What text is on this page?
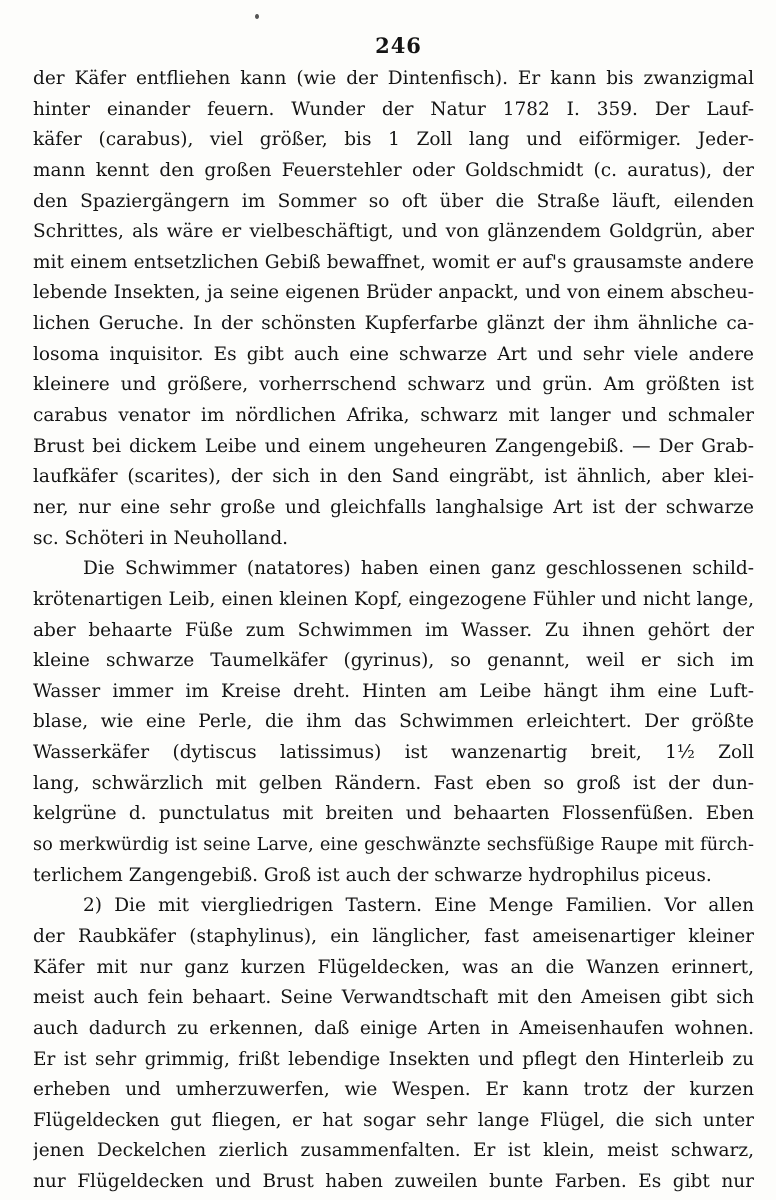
246
der Käfer entfliehen kann (wie der Dintenfisch). Er kann bis zwanzigmal
hinter einander feuern. Wunder der Natur 1782 I. 359. Der Lauf-
käfer (carabus), viel größer, bis 1 Zoll lang und eiförmiger. Jeder-
mann kennt den großen Feuerstehler oder Goldschmidt (c. auratus), der
den Spaziergängern im Sommer so oft über die Straße läuft, eilenden
Schrittes, als wäre er vielbeschäftigt, und von glänzendem Goldgrün, aber
mit einem entsetzlichen Gebiß bewaffnet, womit er auf's grausamste andere
lebende Insekten, ja seine eigenen Brüder anpackt, und von einem abscheu-
lichen Geruche. In der schönsten Kupferfarbe glänzt der ihm ähnliche ca-
losoma inquisitor. Es gibt auch eine schwarze Art und sehr viele andere
kleinere und größere, vorherrschend schwarz und grün. Am größten ist
carabus venator im nördlichen Afrika, schwarz mit langer und schmaler
Brust bei dickem Leibe und einem ungeheuren Zangengebiß. — Der Grab-
laufkäfer (scarites), der sich in den Sand eingräbt, ist ähnlich, aber klei-
ner, nur eine sehr große und gleichfalls langhalsige Art ist der schwarze
sc. Schöteri in Neuholland.
Die Schwimmer (natatores) haben einen ganz geschlossenen schild-
krötenartigen Leib, einen kleinen Kopf, eingezogene Fühler und nicht lange,
aber behaarte Füße zum Schwimmen im Wasser. Zu ihnen gehört der
kleine schwarze Taumelkäfer (gyrinus), so genannt, weil er sich im
Wasser immer im Kreise dreht. Hinten am Leibe hängt ihm eine Luft-
blase, wie eine Perle, die ihm das Schwimmen erleichtert. Der größte
Wasserkäfer (dytiscus latissimus) ist wanzenartig breit, 1½ Zoll
lang, schwärzlich mit gelben Rändern. Fast eben so groß ist der dun-
kelgrüne d. punctulatus mit breiten und behaarten Flossenfüßen. Eben
so merkwürdig ist seine Larve, eine geschwänzte sechsfüßige Raupe mit fürch-
terlichem Zangengebiß. Groß ist auch der schwarze hydrophilus piceus.
2) Die mit viergliedrigen Tastern. Eine Menge Familien. Vor allen
der Raubkäfer (staphylinus), ein länglicher, fast ameisenartiger kleiner
Käfer mit nur ganz kurzen Flügeldecken, was an die Wanzen erinnert,
meist auch fein behaart. Seine Verwandtschaft mit den Ameisen gibt sich
auch dadurch zu erkennen, daß einige Arten in Ameisenhaufen wohnen.
Er ist sehr grimmig, frißt lebendige Insekten und pflegt den Hinterleib zu
erheben und umherzuwerfen, wie Wespen. Er kann trotz der kurzen
Flügeldecken gut fliegen, er hat sogar sehr lange Flügel, die sich unter
jenen Deckelchen zierlich zusammenfalten. Er ist klein, meist schwarz,
nur Flügeldecken und Brust haben zuweilen bunte Farben. Es gibt nur
